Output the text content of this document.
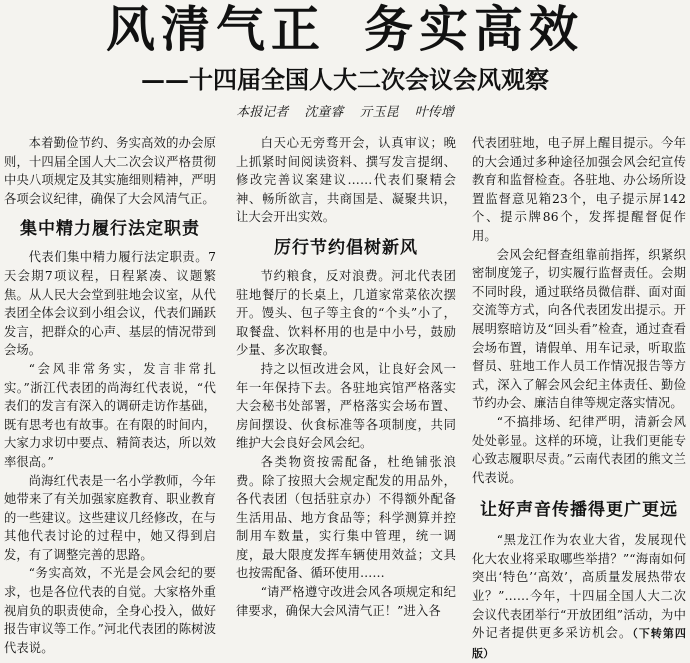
风清气正 务实高效
——十四届全国人大二次会议会风观察
本报记者 沈童睿 亓玉昆 叶传增

本着勤俭节约、务实高效的办会原则，十四届全国人大二次会议严格贯彻中央八项规定及其实施细则精神，严明各项会议纪律，确保了大会风清气正。

集中精力履行法定职责

代表们集中精力履行法定职责。7天会期7项议程，日程紧凑、议题繁焦。从人民大会堂到驻地会议室，从代表团全体会议到小组会议，代表们踊跃发言，把群众的心声、基层的情况带到会场。

“会风非常务实，发言非常扎实。”浙江代表团的尚海红代表说，“代表们的发言有深入的调研走访作基础，既有思考也有故事。在有限的时间内，大家力求切中要点、精简表达，所以效率很高。”

尚海红代表是一名小学教师，今年她带来了有关加强家庭教育、职业教育的一些建议。这些建议几经修改，在与其他代表讨论的过程中，她又得到启发，有了调整完善的思路。

“务实高效，不光是会风会纪的要求，也是各位代表的自觉。大家格外重视肩负的职责使命，全身心投入，做好报告审议等工作。”河北代表团的陈树波代表说。

白天心无旁骛开会，认真审议；晚上抓紧时间阅读资料、撰写发言提纲、修改完善议案建议……代表们聚精会神、畅所欲言，共商国是、凝聚共识，让大会开出实效。

厉行节约倡树新风

节约粮食，反对浪费。河北代表团驻地餐厅的长桌上，几道家常菜依次摆开。馒头、包子等主食的“个头”小了，取餐盘、饮料杯用的也是中小号，鼓励少量、多次取餐。

持之以恒改进会风，让良好会风一年一年保持下去。各驻地宾馆严格落实大会秘书处部署，严格落实会场布置、房间摆设、伙食标准等各项制度，共同维护大会良好会风会纪。

各类物资按需配备，杜绝铺张浪费。除了按照大会规定配发的用品外，各代表团（包括驻京办）不得额外配备生活用品、地方食品等；科学测算并控制用车数量，实行集中管理，统一调度，最大限度发挥车辆使用效益；文具也按需配备、循环使用……

“请严格遵守改进会风各项规定和纪律要求，确保大会风清气正！”进入各

代表团驻地，电子屏上醒目提示。今年的大会通过多种途径加强会风会纪宣传教育和监督检查。各驻地、办公场所设置监督意见箱23个，电子提示屏142个、提示牌86个，发挥提醒督促作用。

会风会纪督查组靠前指挥，织紧织密制度笼子，切实履行监督责任。会期不同时段，通过联络员微信群、面对面交流等方式，向各代表团发出提示。开展明察暗访及“回头看”检查，通过查看会场布置，请假单、用车记录，听取监督员、驻地工作人员工作情况报告等方式，深入了解会风会纪主体责任、勤俭节约办会、廉洁自律等规定落实情况。

“不搞排场、纪律严明，清新会风处处彰显。这样的环境，让我们更能专心致志履职尽责。”云南代表团的熊文兰代表说。

让好声音传播得更广更远

“黑龙江作为农业大省，发展现代化大农业将采取哪些举措？”“海南如何突出‘特色’‘高效’，高质量发展热带农业？”……今年，十四届全国人大二次会议代表团举行“开放团组”活动，为中外记者提供更多采访机会。（下转第四版）
